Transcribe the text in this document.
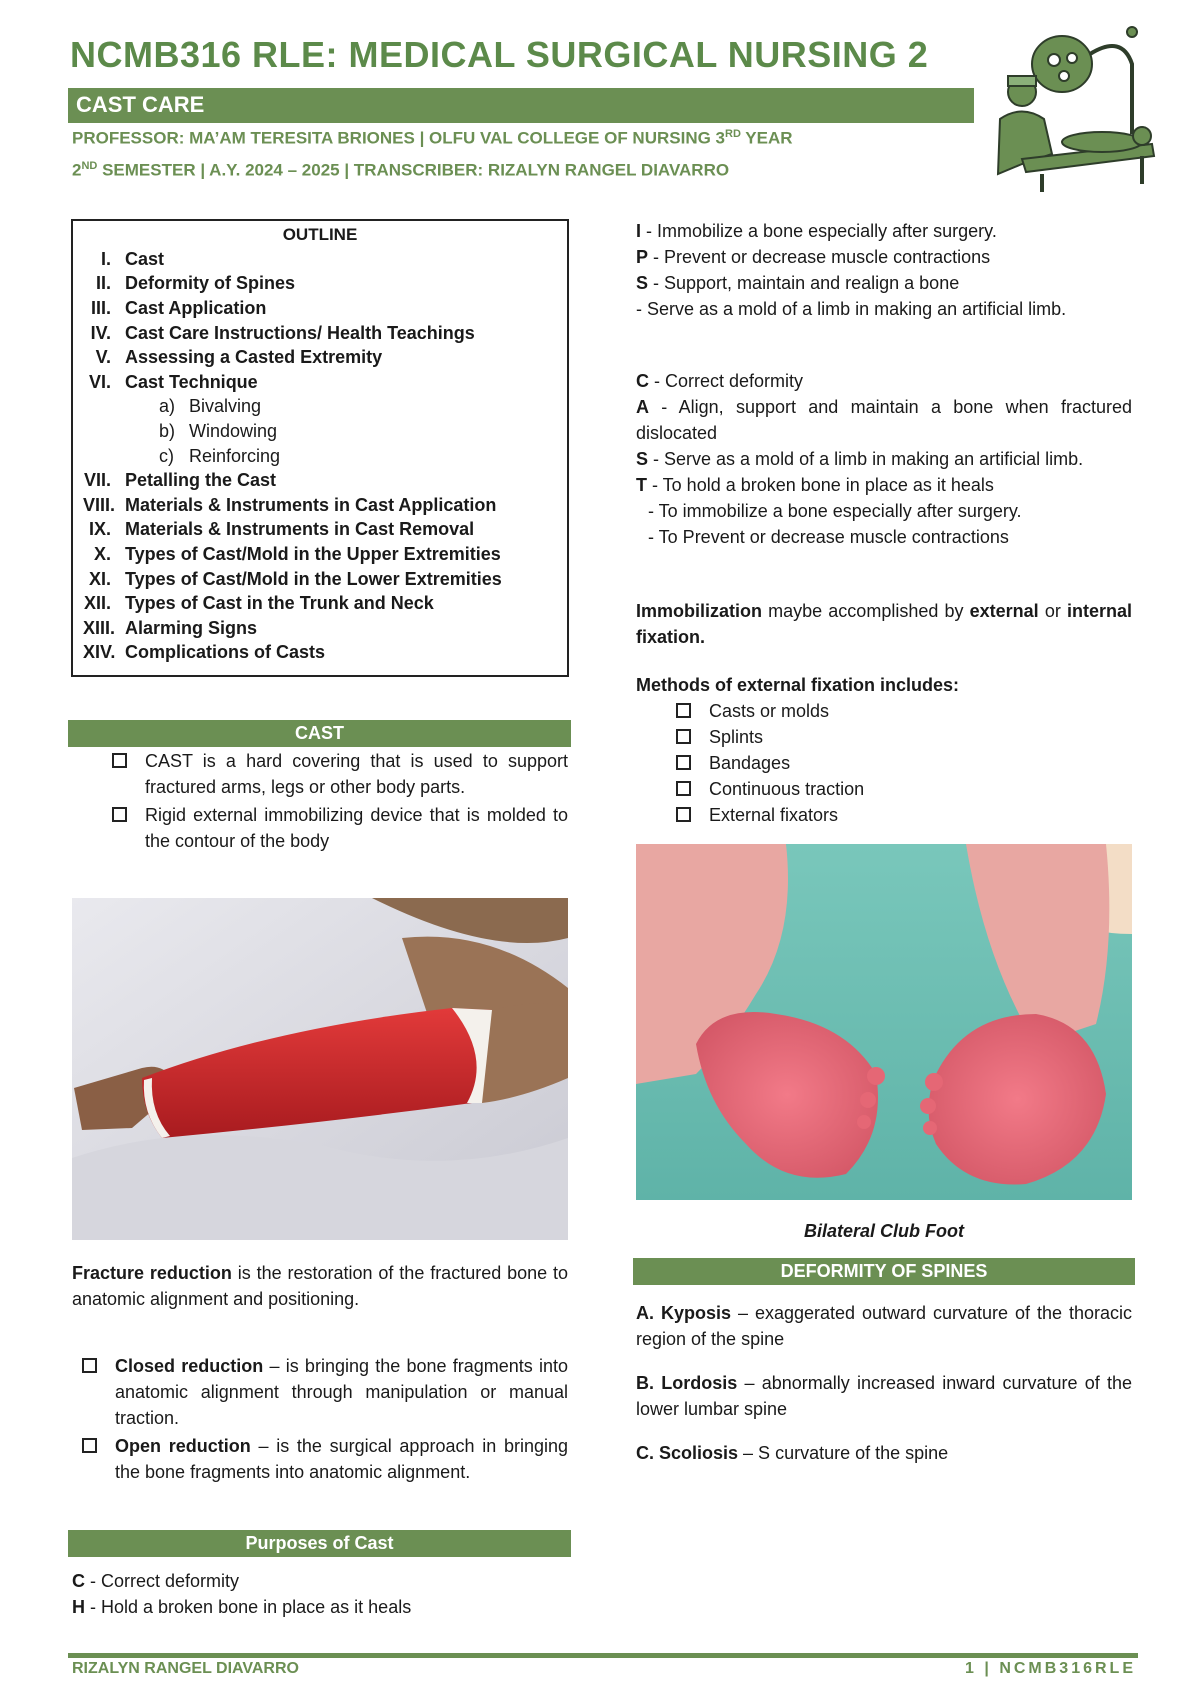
NCMB316 RLE: MEDICAL SURGICAL NURSING 2
CAST CARE
PROFESSOR: MA’AM TERESITA BRIONES | OLFU VAL COLLEGE OF NURSING 3RD YEAR
2ND SEMESTER | A.Y. 2024 – 2025 | TRANSCRIBER: RIZALYN RANGEL DIAVARRO
OUTLINE
I. Cast
II. Deformity of Spines
III. Cast Application
IV. Cast Care Instructions/ Health Teachings
V. Assessing a Casted Extremity
VI. Cast Technique
a) Bivalving
b) Windowing
c) Reinforcing
VII. Petalling the Cast
VIII. Materials & Instruments in Cast Application
IX. Materials & Instruments in Cast Removal
X. Types of Cast/Mold in the Upper Extremities
XI. Types of Cast/Mold in the Lower Extremities
XII. Types of Cast in the Trunk and Neck
XIII. Alarming Signs
XIV. Complications of Casts
CAST
CAST is a hard covering that is used to support fractured arms, legs or other body parts.
Rigid external immobilizing device that is molded to the contour of the body
Fracture reduction is the restoration of the fractured bone to anatomic alignment and positioning.
Closed reduction – is bringing the bone fragments into anatomic alignment through manipulation or manual traction.
Open reduction – is the surgical approach in bringing the bone fragments into anatomic alignment.
Purposes of Cast
C - Correct deformity
H - Hold a broken bone in place as it heals
I - Immobilize a bone especially after surgery.
P - Prevent or decrease muscle contractions
S - Support, maintain and realign a bone
- Serve as a mold of a limb in making an artificial limb.
C - Correct deformity
A - Align, support and maintain a bone when fractured dislocated
S - Serve as a mold of a limb in making an artificial limb.
T - To hold a broken bone in place as it heals
- To immobilize a bone especially after surgery.
- To Prevent or decrease muscle contractions
Immobilization maybe accomplished by external or internal fixation.
Methods of external fixation includes:
Casts or molds
Splints
Bandages
Continuous traction
External fixators
Bilateral Club Foot
DEFORMITY OF SPINES
A. Kyposis – exaggerated outward curvature of the thoracic region of the spine
B. Lordosis – abnormally increased inward curvature of the lower lumbar spine
C. Scoliosis – S curvature of the spine
RIZALYN RANGEL DIAVARRO	1 | NCMB316RLE
